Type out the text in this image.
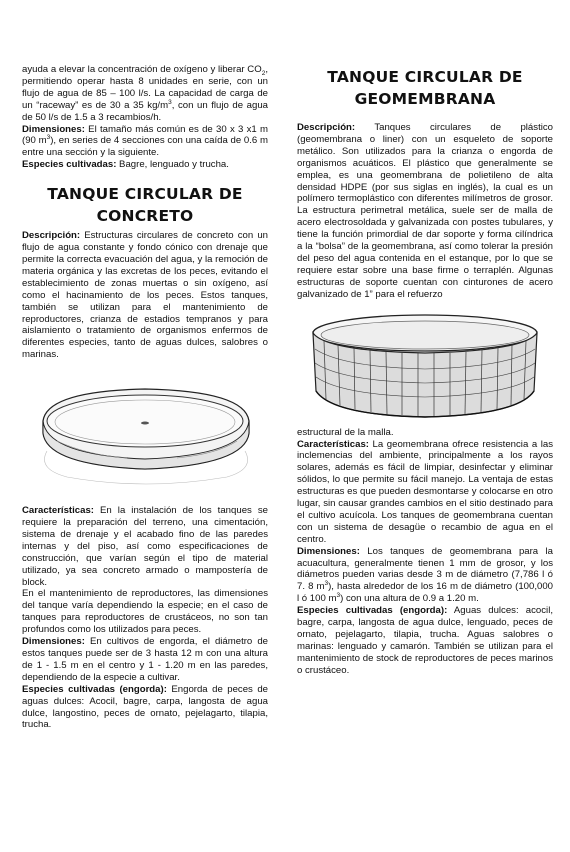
ayuda a elevar la concentración de oxígeno y liberar $CO_2$, permitiendo operar hasta 8 unidades en serie, con un flujo de agua de 85 – 100 l/s. La capacidad de carga de un “raceway” es de 30 a 35 $kg/m^3$, con un flujo de agua de 50 l/s de 1.5 a 3 recambios/h.

Dimensiones: El tamaño más común es de 30 x 3 x1 m (90 $m^3$), en series de 4 secciones con una caída de 0.6 m entre una sección y la siguiente.

Especies cultivadas: Bagre, lenguado y trucha.

TANQUE CIRCULAR DE CONCRETO

Descripción: Estructuras circulares de concreto con un flujo de agua constante y fondo cónico con drenaje que permite la correcta evacuación del agua, y la remoción de materia orgánica y las excretas de los peces, evitando el establecimiento de zonas muertas o sin oxígeno, así como el hacinamiento de los peces. Estos tanques, también se utilizan para el mantenimiento de reproductores, crianza de estadios tempranos y para aislamiento o tratamiento de organismos enfermos de diferentes especies, tanto de aguas dulces, salobres o marinas.

Características: En la instalación de los tanques se requiere la preparación del terreno, una cimentación, sistema de drenaje y el acabado fino de las paredes internas y del piso, así como especificaciones de construcción, que varían según el tipo de material utilizado, ya sea concreto armado o mampostería de block.

En el mantenimiento de reproductores, las dimensiones del tanque varía dependiendo la especie; en el caso de tanques para reproductores de crustáceos, no son tan profundos como los utilizados para peces.

Dimensiones: En cultivos de engorda, el diámetro de estos tanques puede ser de 3 hasta 12 m con una altura de 1 - 1.5 m en el centro y 1 - 1.20 m en las paredes, dependiendo de la especie a cultivar.

Especies cultivadas (engorda): Engorda de peces de aguas dulces: Acocil, bagre, carpa, langosta de agua dulce, langostino, peces de ornato, pejelagarto, tilapia, trucha.

TANQUE CIRCULAR DE GEOMEMBRANA

Descripción: Tanques circulares de plástico (geomembrana o liner) con un esqueleto de soporte metálico. Son utilizados para la crianza o engorda de organismos acuáticos. El plástico que generalmente se emplea, es una geomembrana de polietileno de alta densidad HDPE (por sus siglas en inglés), la cual es un polímero termoplástico con diferentes milímetros de grosor. La estructura perimetral metálica, suele ser de malla de acero electrosoldada y galvanizada con postes tubulares, y tiene la función primordial de dar soporte y forma cilíndrica a la “bolsa” de la geomembrana, así como tolerar la presión del peso del agua contenida en el estanque, por lo que se requiere estar sobre una base firme o terraplén. Algunas estructuras de soporte cuentan con cinturones de acero galvanizado de 1” para el refuerzo

estructural de la malla.

Características: La geomembrana ofrece resistencia a las inclemencias del ambiente, principalmente a los rayos solares, además es fácil de limpiar, desinfectar y eliminar sólidos, lo que permite su fácil manejo. La ventaja de estas estructuras es que pueden desmontarse y colocarse en otro lugar, sin causar grandes cambios en el sitio destinado para el cultivo acuícola. Los tanques de geomembrana cuentan con un sistema de desagüe o recambio de agua en el centro.

Dimensiones: Los tanques de geomembrana para la acuacultura, generalmente tienen 1 mm de grosor, y los diámetros pueden varias desde 3 m de diámetro (7,786 l ó 7. 8 $m^3$), hasta alrededor de los 16 m de diámetro (100,000 l ó 100 $m^3$) con una altura de 0.9 a 1.20 m.

Especies cultivadas (engorda): Aguas dulces: acocil, bagre, carpa, langosta de agua dulce, lenguado, peces de ornato, pejelagarto, tilapia, trucha. Aguas salobres o marinas: lenguado y camarón. También se utilizan para el mantenimiento de stock de reproductores de peces marinos o crustáceo.
